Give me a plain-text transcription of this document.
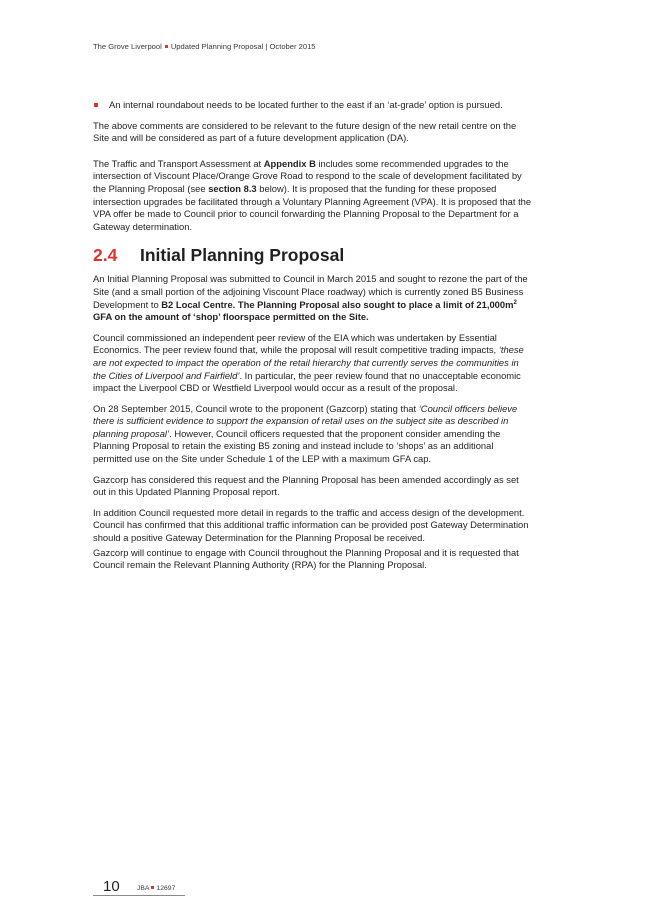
The Grove Liverpool Updated Planning Proposal | October 2015

An internal roundabout needs to be located further to the east if an ‘at-grade’ option is pursued.

The above comments are considered to be relevant to the future design of the new retail centre on the Site and will be considered as part of a future development application (DA).

The Traffic and Transport Assessment at Appendix B includes some recommended upgrades to the intersection of Viscount Place/Orange Grove Road to respond to the scale of development facilitated by the Planning Proposal (see section 8.3 below). It is proposed that the funding for these proposed intersection upgrades be facilitated through a Voluntary Planning Agreement (VPA). It is proposed that the VPA offer be made to Council prior to council forwarding the Planning Proposal to the Department for a Gateway determination.

2.4 Initial Planning Proposal

An Initial Planning Proposal was submitted to Council in March 2015 and sought to rezone the part of the Site (and a small portion of the adjoining Viscount Place roadway) which is currently zoned B5 Business Development to B2 Local Centre. The Planning Proposal also sought to place a limit of $21,000m^2$ GFA on the amount of ‘shop’ floorspace permitted on the Site.

Council commissioned an independent peer review of the EIA which was undertaken by Essential Economics. The peer review found that, while the proposal will result competitive trading impacts, ‘these are not expected to impact the operation of the retail hierarchy that currently serves the communities in the Cities of Liverpool and Fairfield’. In particular, the peer review found that no unacceptable economic impact the Liverpool CBD or Westfield Liverpool would occur as a result of the proposal.

On 28 September 2015, Council wrote to the proponent (Gazcorp) stating that ‘Council officers believe there is sufficient evidence to support the expansion of retail uses on the subject site as described in planning proposal’. However, Council officers requested that the proponent consider amending the Planning Proposal to retain the existing B5 zoning and instead include to ‘shops’ as an additional permitted use on the Site under Schedule 1 of the LEP with a maximum GFA cap.

Gazcorp has considered this request and the Planning Proposal has been amended accordingly as set out in this Updated Planning Proposal report.

In addition Council requested more detail in regards to the traffic and access design of the development. Council has confirmed that this additional traffic information can be provided post Gateway Determination should a positive Gateway Determination for the Planning Proposal be received.

Gazcorp will continue to engage with Council throughout the Planning Proposal and it is requested that Council remain the Relevant Planning Authority (RPA) for the Planning Proposal.

10	JBA 12697
